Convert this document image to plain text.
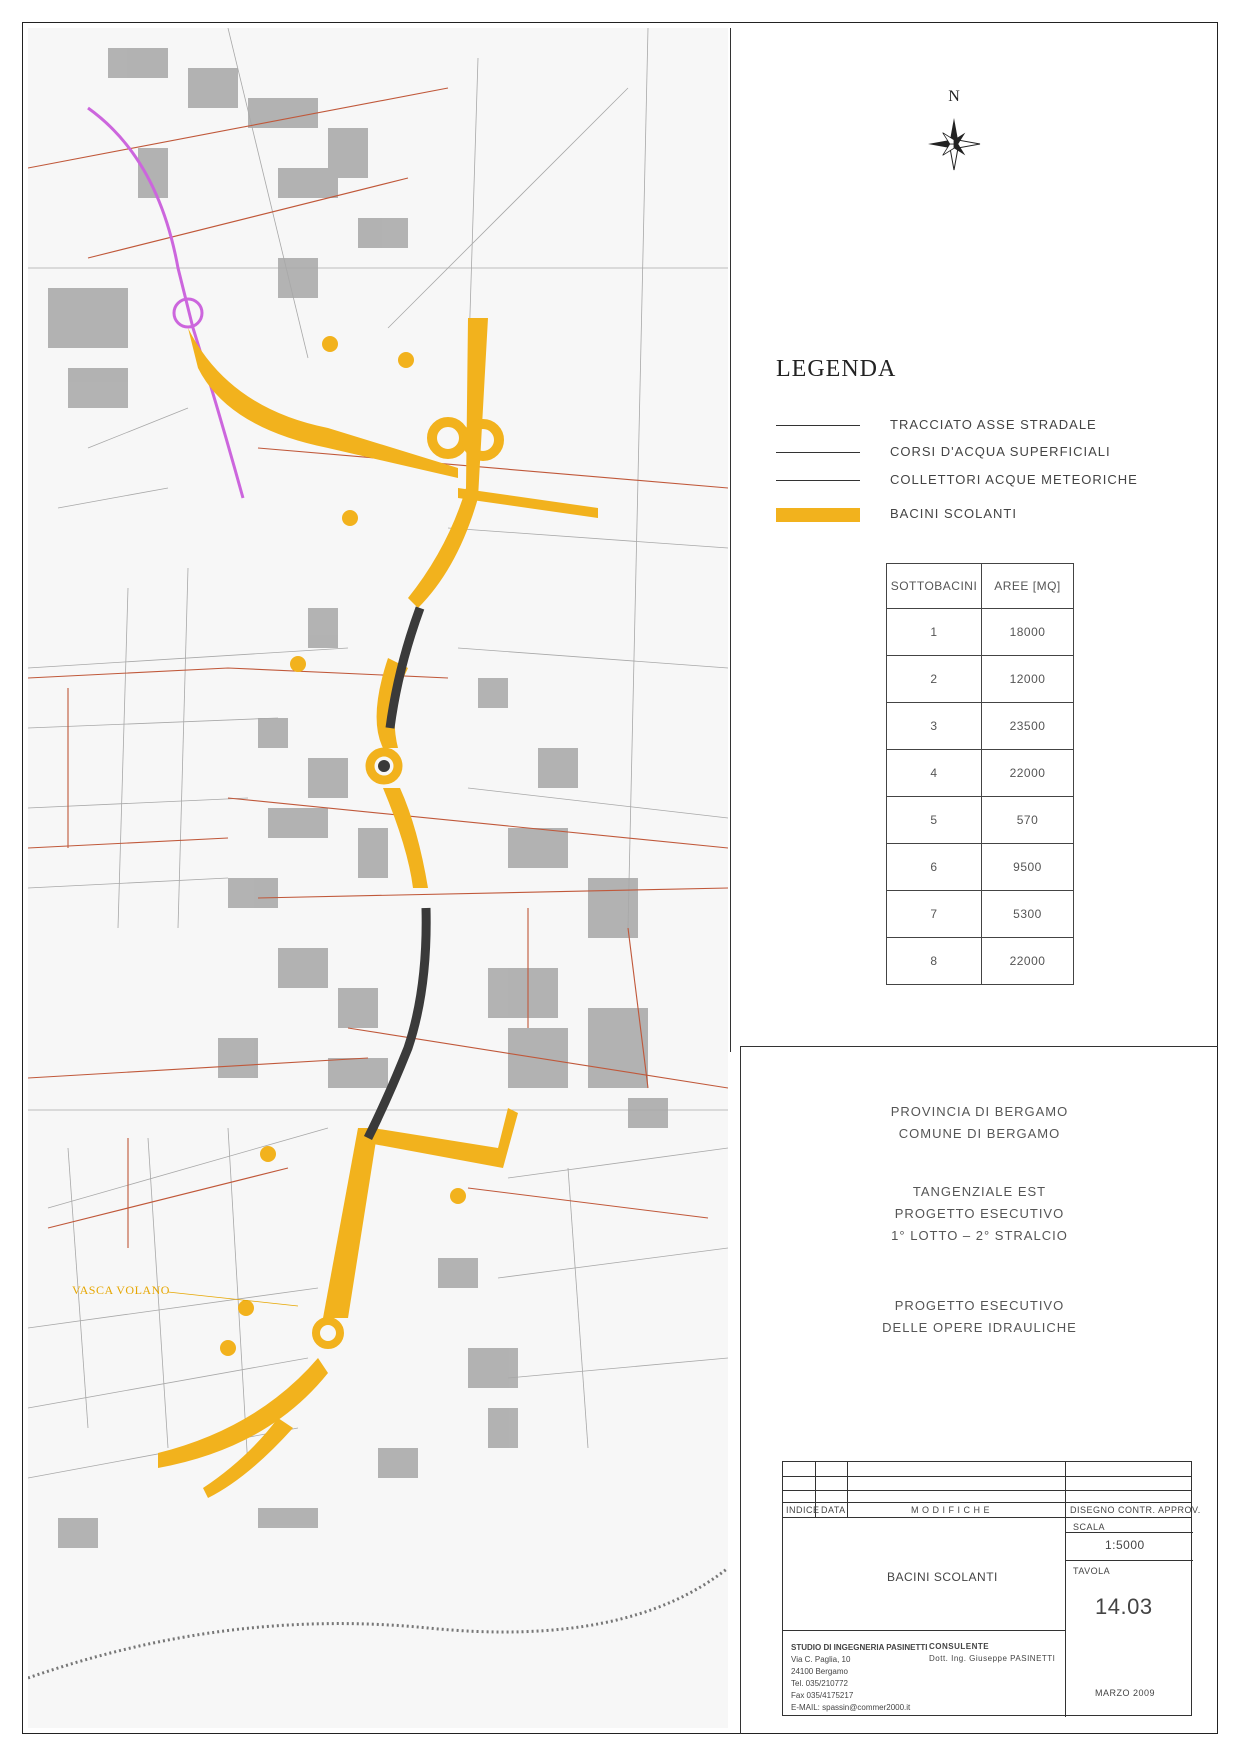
VASCA VOLANO
N
LEGENDA
TRACCIATO ASSE STRADALE
CORSI D'ACQUA SUPERFICIALI
COLLETTORI ACQUE METEORICHE
BACINI SCOLANTI
SOTTOBACINI	AREE [MQ]
1	18000
2	12000
3	23500
4	22000
5	570
6	9500
7	5300
8	22000
PROVINCIA DI BERGAMO
COMUNE DI BERGAMO
TANGENZIALE EST
PROGETTO ESECUTIVO
1° LOTTO – 2° STRALCIO
PROGETTO ESECUTIVO
DELLE OPERE IDRAULICHE
INDICE DATA	M O D I F I C H E	DISEGNO CONTR. APPROV.
BACINI SCOLANTI
SCALA
1:5000
TAVOLA
14.03
MARZO 2009
STUDIO DI INGEGNERIA PASINETTI
Via C. Paglia, 10
24100 Bergamo
Tel. 035/210772
Fax 035/4175217
E-MAIL: spassin@commer2000.it
CONSULENTE
Dott. Ing. Giuseppe PASINETTI
